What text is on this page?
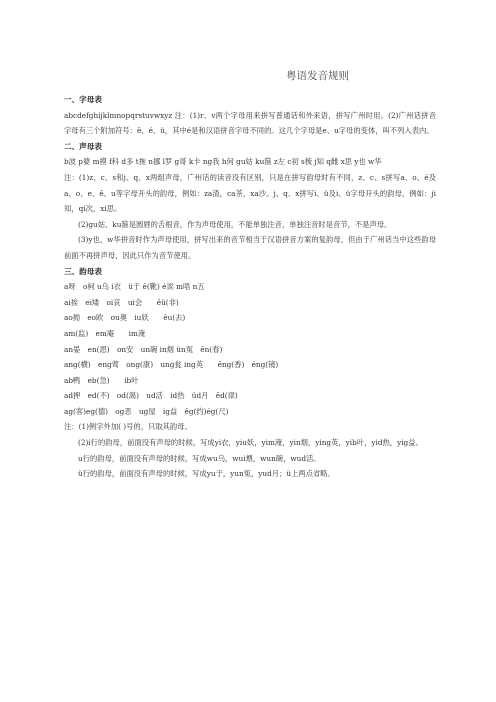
粤语发音规则
一、字母表

abcdefghijklmnopqrstuvwxyz 注：(1)r、v两个字母用来拼写普通话和外来语，拼写广州时用。(2)广州话拼音字母有三个附加符号：ê、é、ü，其中é是和汉语拼音字母不同的。这几个字母是e、u字母的变体，叫不列入表内。

二、声母表

b波 p婆 m摸 f科 d多 t拖 n挪 l罗 g哥 k卡 ng我 h何 gu姑 ku箍 z左 c初 s梳 j知 q雌 x思 y也 w华

注：(1)z、c、s和j、q、x两组声母，广州话的读音没有区别，只是在拼写韵母时有不同，z、c、s拼写a、o、é及a、o、e、ê、u等字母开头的韵母，例如：za渣，ca茶，xa沙。j、q、x拼写i、ü及i、ü字母开头的韵母，例如：ji知，qi次，xi思。

(2)gu姑、ku箍是圆唇的舌根音，作为声母使用，不能单独注音，单独注音时是音节，不是声母。

(3)y也，w华拼音时作为声母使用，拼写出来的音节相当于汉语拼音方案的复韵母，但由于广州话当中这些韵母前面不再拼声母，因此只作为音节使用。

三、韵母表

a呀　o柯 u乌 i衣　ü于 ê(靴) é诶 m唔 n五

ai挨　ei矮　oi哀　ui会　　êü(非)

ao拗　eo欧　ou奥　iu妖　　êu(去)

am(监)　em庵　　im淹

an晏　en(恩)　on安　un碗 in烟 ün冤　ên(春)

ang(横)　eng莺　ong(康)　ung瓮 ing英　　êng(香)　éng(镜)

ab鸭　eb(急)　　ib叶

ad押　ed(不)　od(渴)　ud活　id热　üd月　êd(律)

ag(客)eg(德)　og恶　ug屋　ig益　êg(约)ég(尺)

注：(1)例字外加( )号的，只取其韵母。

(2)i行的韵母，前面没有声母的时候，写成yi衣，yiu妖，yim淹，yin烟，ying英，yib叶，yid热，yig益。

u行的韵母，前面没有声母的时候，写成wu乌，wui煨，wun碗，wud活。

ü行的韵母，前面没有声母的时候，写成yu于，yun冤，yud月；ü上两点省略。
